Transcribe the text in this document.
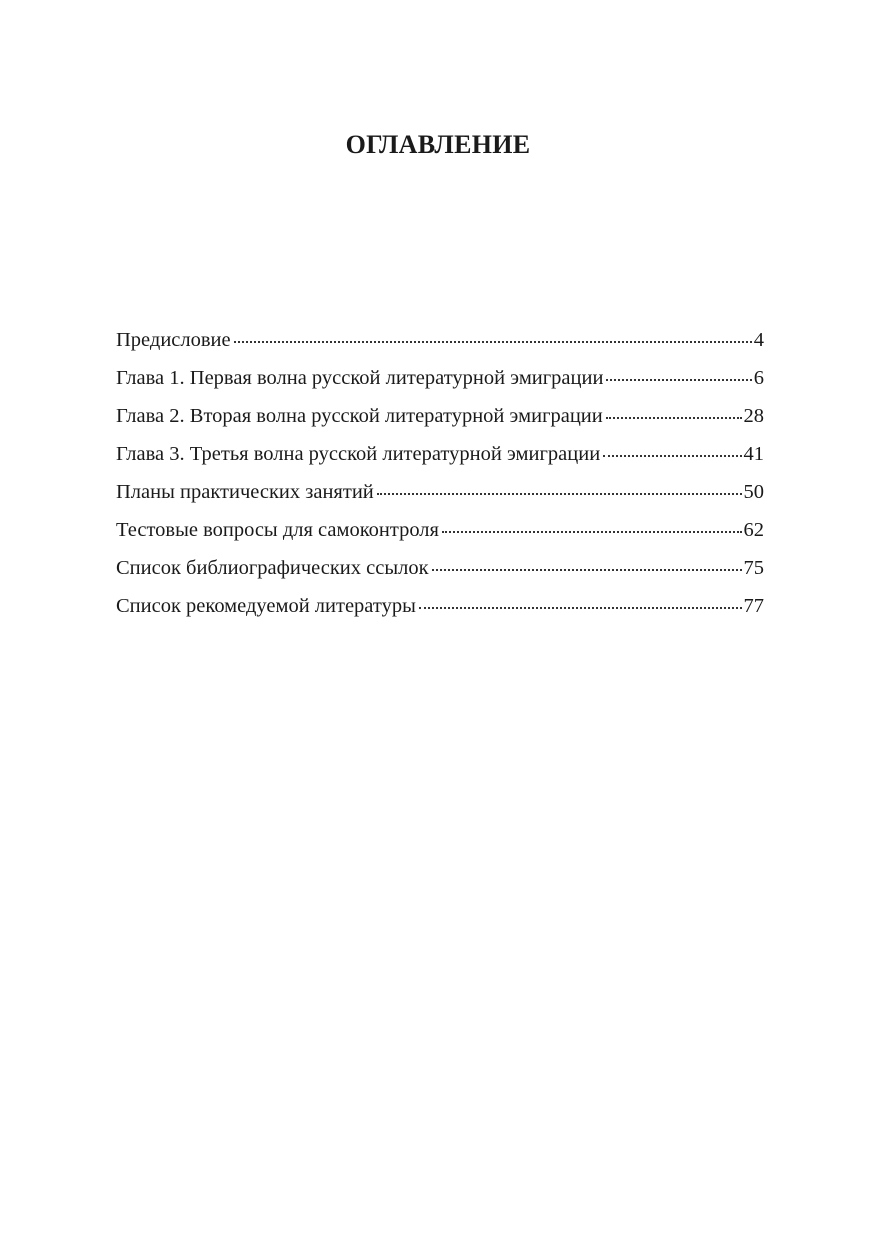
ОГЛАВЛЕНИЕ
Предисловие	4
Глава 1. Первая волна русской литературной эмиграции	6
Глава 2. Вторая волна русской литературной эмиграции	28
Глава 3. Третья волна русской литературной эмиграции	41
Планы практических занятий	50
Тестовые вопросы для самоконтроля	62
Список библиографических ссылок	75
Список рекомедуемой литературы	77
